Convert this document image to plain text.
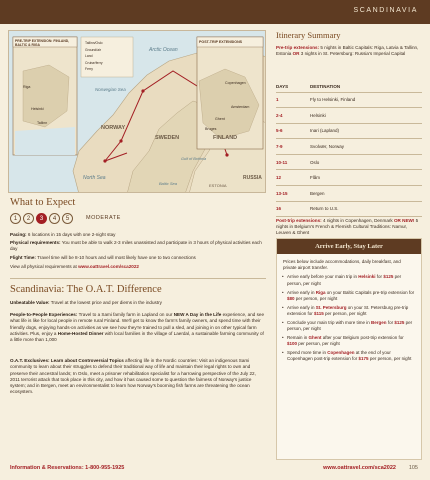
SCANDINAVIA
PRE-TRIP EXTENSION: FINLAND, BALTIC & RIGA
POST-TRIP EXTENSIONS
Tallinn/Oslo
Ground/air
Land
Cruise/ferry
Ferry
Arctic Ocean
Norwegian Sea
NORWAY
SWEDEN	FINLAND
RUSSIA
ESTONIA
North Sea
Gulf of Bothnia
Baltic Sea
Helsinki
Tallinn
Riga
Copenhagen
Ghent
Bruges
Amsterdam
What to Expect
1	2	3	4	5	MODERATE
Pacing: 6 locations in 15 days with one 2-night stay
Physical requirements: You must be able to walk 2-3 miles unassisted and participate in 3 hours of physical activities each day
Flight Time: Travel time will be 8-10 hours and will most likely have one to two connections
View all physical requirements at www.oattravel.com/sca2022
Scandinavia: The O.A.T. Difference
Unbeatable Value: Travel at the lowest price and per diems in the industry
People-to-People Experiences: Travel to a Sami family farm in Lapland on our NEW A Day in the Life experience, and see what life is like for local people in remote rural Finland. We'll get to know the farm's family owners, and spend time with their friendly dogs, enjoying hands-on activities as we see how they're trained to pull a sled, and joining in on other typical farm activities. Plus, enjoy a Home-Hosted Dinner with local families in the village of Laerdal, a sustainable farming community of a little more than 1,000
O.A.T. Exclusives: Learn about Controversial Topics affecting life in the Nordic countries: Visit an indigenous Sami community to learn about their struggles to defend their traditional way of life and maintain their legal rights to own and preserve their ancestral lands; In Oslo, meet a prisoner rehabilitation specialist for a harrowing perspective of the July 22, 2011 terrorist attack that took place in this city, and how it has caused some to question the fairness of Norway's justice system; and in Bergen, meet an environmentalist to learn how Norway's booming fish farms are threatening the ocean ecosystem.
Itinerary Summary
Pre-trip extensions: 5 nights in Baltic Capitals: Riga, Latvia & Tallinn, Estonia OR 3 nights in St. Petersburg: Russia's Imperial Capital
DAYS	DESTINATION
1	Fly to Helsinki, Finland
2-4	Helsinki
5-6	Inari (Lapland)
7-9	Svolvær, Norway
10-11	Oslo
12	Flåm
13-15	Bergen
16	Return to U.S.
Post-trip extensions: 4 nights in Copenhagen, Denmark OR NEW! 5 nights in Belgium's French & Flemish Cultural Traditions: Namur, Leuven & Ghent
Arrive Early, Stay Later
Prices below include accommodations, daily breakfast, and private airport transfer.
• Arrive early before your main trip in Helsinki for $125 per person, per night
• Arrive early in Riga on your Baltic Capitals pre-trip extension for $80 per person, per night
• Arrive early in St. Petersburg on your St. Petersburg pre-trip extension for $115 per person, per night
• Conclude your main trip with more time in Bergen for $125 per person, per night
• Remain in Ghent after your Belgium post-trip extension for $100 per person, per night
• Spend more time in Copenhagen at the end of your Copenhagen post-trip extension for $175 per person, per night
Information & Reservations: 1-800-955-1925	www.oattravel.com/sca2022 105
